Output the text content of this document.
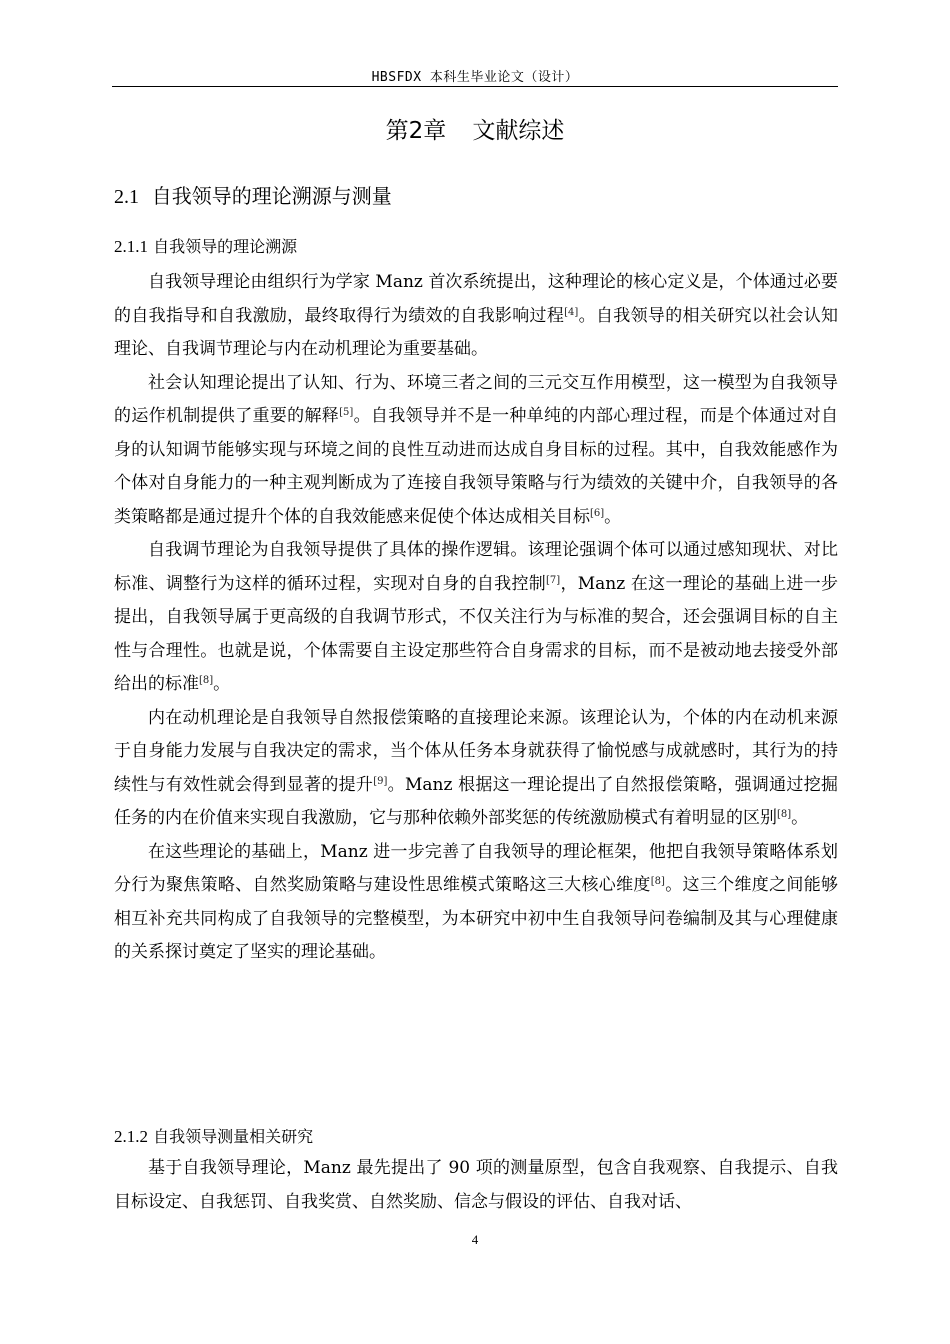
HBSFDX 本科生毕业论文（设计）
第2章 文献综述
2.1 自我领导的理论溯源与测量
2.1.1 自我领导的理论溯源

自我领导理论由组织行为学家 Manz 首次系统提出，这种理论的核心定义是，个体通过必要的自我指导和自我激励，最终取得行为绩效的自我影响过程[4]。自我领导的相关研究以社会认知理论、自我调节理论与内在动机理论为重要基础。

社会认知理论提出了认知、行为、环境三者之间的三元交互作用模型，这一模型为自我领导的运作机制提供了重要的解释[5]。自我领导并不是一种单纯的内部心理过程，而是个体通过对自身的认知调节能够实现与环境之间的良性互动进而达成自身目标的过程。其中，自我效能感作为个体对自身能力的一种主观判断成为了连接自我领导策略与行为绩效的关键中介，自我领导的各类策略都是通过提升个体的自我效能感来促使个体达成相关目标[6]。

自我调节理论为自我领导提供了具体的操作逻辑。该理论强调个体可以通过感知现状、对比标准、调整行为这样的循环过程，实现对自身的自我控制[7]，Manz 在这一理论的基础上进一步提出，自我领导属于更高级的自我调节形式，不仅关注行为与标准的契合，还会强调目标的自主性与合理性。也就是说，个体需要自主设定那些符合自身需求的目标，而不是被动地去接受外部给出的标准[8]。

内在动机理论是自我领导自然报偿策略的直接理论来源。该理论认为，个体的内在动机来源于自身能力发展与自我决定的需求，当个体从任务本身就获得了愉悦感与成就感时，其行为的持续性与有效性就会得到显著的提升[9]。Manz 根据这一理论提出了自然报偿策略，强调通过挖掘任务的内在价值来实现自我激励，它与那种依赖外部奖惩的传统激励模式有着明显的区别[8]。

在这些理论的基础上，Manz 进一步完善了自我领导的理论框架，他把自我领导策略体系划分行为聚焦策略、自然奖励策略与建设性思维模式策略这三大核心维度[8]。这三个维度之间能够相互补充共同构成了自我领导的完整模型，为本研究中初中生自我领导问卷编制及其与心理健康的关系探讨奠定了坚实的理论基础。

2.1.2 自我领导测量相关研究

基于自我领导理论，Manz 最先提出了 90 项的测量原型，包含自我观察、自我提示、自我目标设定、自我惩罚、自我奖赏、自然奖励、信念与假设的评估、自我对话、

4
